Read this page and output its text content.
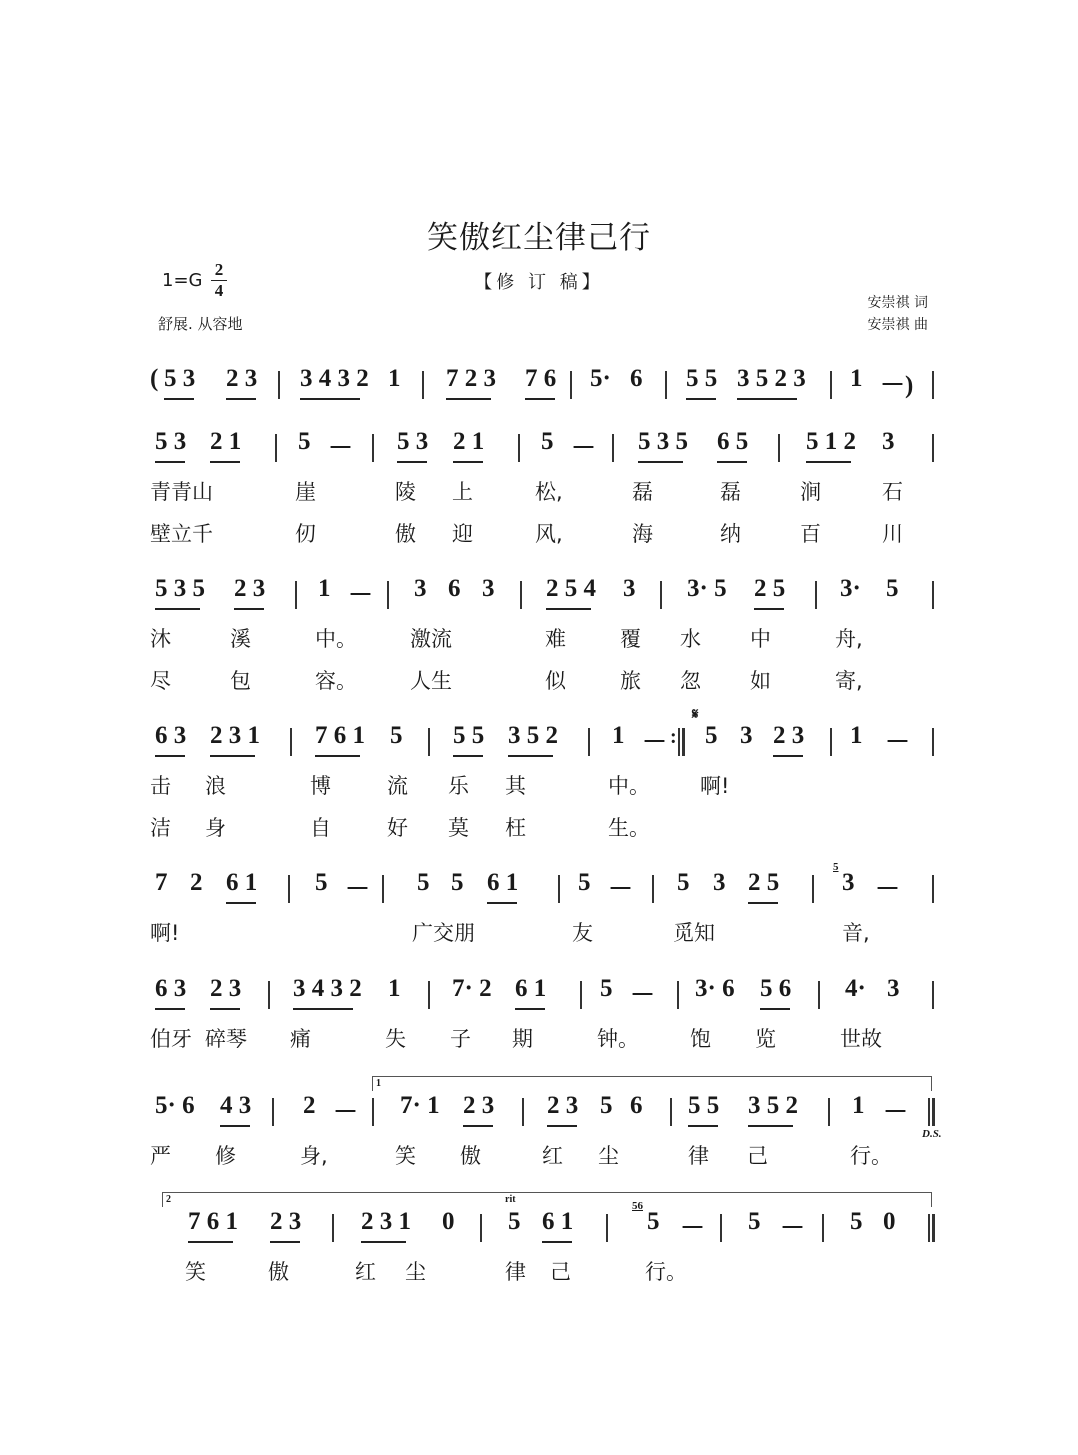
笑傲红尘律己行
【修 订 稿】
1=G
2
4
舒展. 从容地
安崇祺 词
安崇祺 曲
( 5 3 2 3 3 4 3 2 1 7 2 3 7 6 5· 6 5 5 3 5 2 3 1 －)
5 3 2 1 5 － 5 3 2 1 5 － 5 3 5 6 5 5 1 2 3
青青山	崖	陵 上	松,	磊	磊	涧	石
壁立千	仞	傲 迎	风,	海	纳	百	川
5 3 5 2 3 1 － 3 6 3 2 5 4 3 3· 5 2 5 3· 5
沐	溪	中。	激流	难	覆 水 中	舟,
尽	包	容。	人生	似	旅 忽 如	寄,
6 3 2 3 1 7 6 1 5 5 5 3 5 2 1 － 5 3 2 3 1 －
:
𝄋
击 浪	博	流 乐 其	中。 啊!
洁 身	自	好 莫 枉	生。
7 2 6 1 5 － 5 5 6 1 5 － 5 3 2 5	3 －
5
啊!	广交朋	友	觅知	音,
6 3 2 3 3 4 3 2 1 7· 2 6 1 5 － 3· 6 5 6 4· 3
伯牙 碎琴 痛	失 子 期	钟。 饱 览	世故
5· 6 4 3 2 － 7· 1 2 3 2 3 5 6 5 5 3 5 2 1 －
D.S.
1
严 修	身,	笑 傲	红 尘	律 己	行。
7 6 1 2 3 2 3 1 0 5 6 1	5 － 5 － 5 0
2	rit
56
笑	傲	红 尘	律 己	行。
